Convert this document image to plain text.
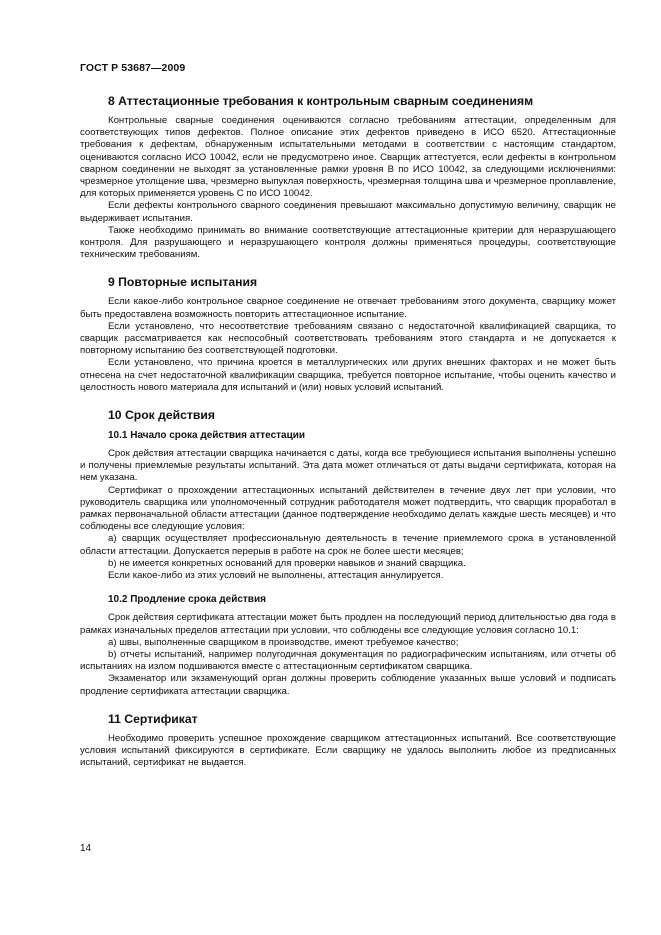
ГОСТ Р 53687—2009
8 Аттестационные требования к контрольным сварным соединениям

Контрольные сварные соединения оцениваются согласно требованиям аттестации, определенным для соответствующих типов дефектов. Полное описание этих дефектов приведено в ИСО 6520. Аттестационные требования к дефектам, обнаруженным испытательными методами в соответствии с настоящим стандартом, оцениваются согласно ИСО 10042, если не предусмотрено иное. Сварщик аттестуется, если дефекты в контрольном сварном соединении не выходят за установленные рамки уровня В по ИСО 10042, за следующими исключениями: чрезмерное утолщение шва, чрезмерно выпуклая поверхность, чрезмерная толщина шва и чрезмерное проплавление, для которых применяется уровень С по ИСО 10042.

Если дефекты контрольного сварного соединения превышают максимально допустимую величину, сварщик не выдерживает испытания.

Также необходимо принимать во внимание соответствующие аттестационные критерии для неразрушающего контроля. Для разрушающего и неразрушающего контроля должны применяться процедуры, соответствующие техническим требованиям.

9 Повторные испытания

Если какое-либо контрольное сварное соединение не отвечает требованиям этого документа, сварщику может быть предоставлена возможность повторить аттестационное испытание.

Если установлено, что несоответствие требованиям связано с недостаточной квалификацией сварщика, то сварщик рассматривается как неспособный соответствовать требованиям этого стандарта и не допускается к повторному испытанию без соответствующей подготовки.

Если установлено, что причина кроется в металлургических или других внешних факторах и не может быть отнесена на счет недостаточной квалификации сварщика, требуется повторное испытание, чтобы оценить качество и целостность нового материала для испытаний и (или) новых условий испытаний.

10 Срок действия
10.1 Начало срока действия аттестации

Срок действия аттестации сварщика начинается с даты, когда все требующиеся испытания выполнены успешно и получены приемлемые результаты испытаний. Эта дата может отличаться от даты выдачи сертификата, которая на нем указана.

Сертификат о прохождении аттестационных испытаний действителен в течение двух лет при условии, что руководитель сварщика или уполномоченный сотрудник работодателя может подтвердить, что сварщик проработал в рамках первоначальной области аттестации (данное подтверждение необходимо делать каждые шесть месяцев) и что соблюдены все следующие условия:

a) сварщик осуществляет профессиональную деятельность в течение приемлемого срока в установленной области аттестации. Допускается перерыв в работе на срок не более шести месяцев;

b) не имеется конкретных оснований для проверки навыков и знаний сварщика.

Если какое-либо из этих условий не выполнены, аттестация аннулируется.

10.2 Продление срока действия

Срок действия сертификата аттестации может быть продлен на последующий период длительностью два года в рамках изначальных пределов аттестации при условии, что соблюдены все следующие условия согласно 10.1:

a) швы, выполненные сварщиком в производстве, имеют требуемое качество;

b) отчеты испытаний, например полугодичная документация по радиографическим испытаниям, или отчеты об испытаниях на излом подшиваются вместе с аттестационным сертификатом сварщика.

Экзаменатор или экзаменующий орган должны проверить соблюдение указанных выше условий и подписать продление сертификата аттестации сварщика.

11 Сертификат

Необходимо проверить успешное прохождение сварщиком аттестационных испытаний. Все соответствующие условия испытаний фиксируются в сертификате. Если сварщику не удалось выполнить любое из предписанных испытаний, сертификат не выдается.

14
